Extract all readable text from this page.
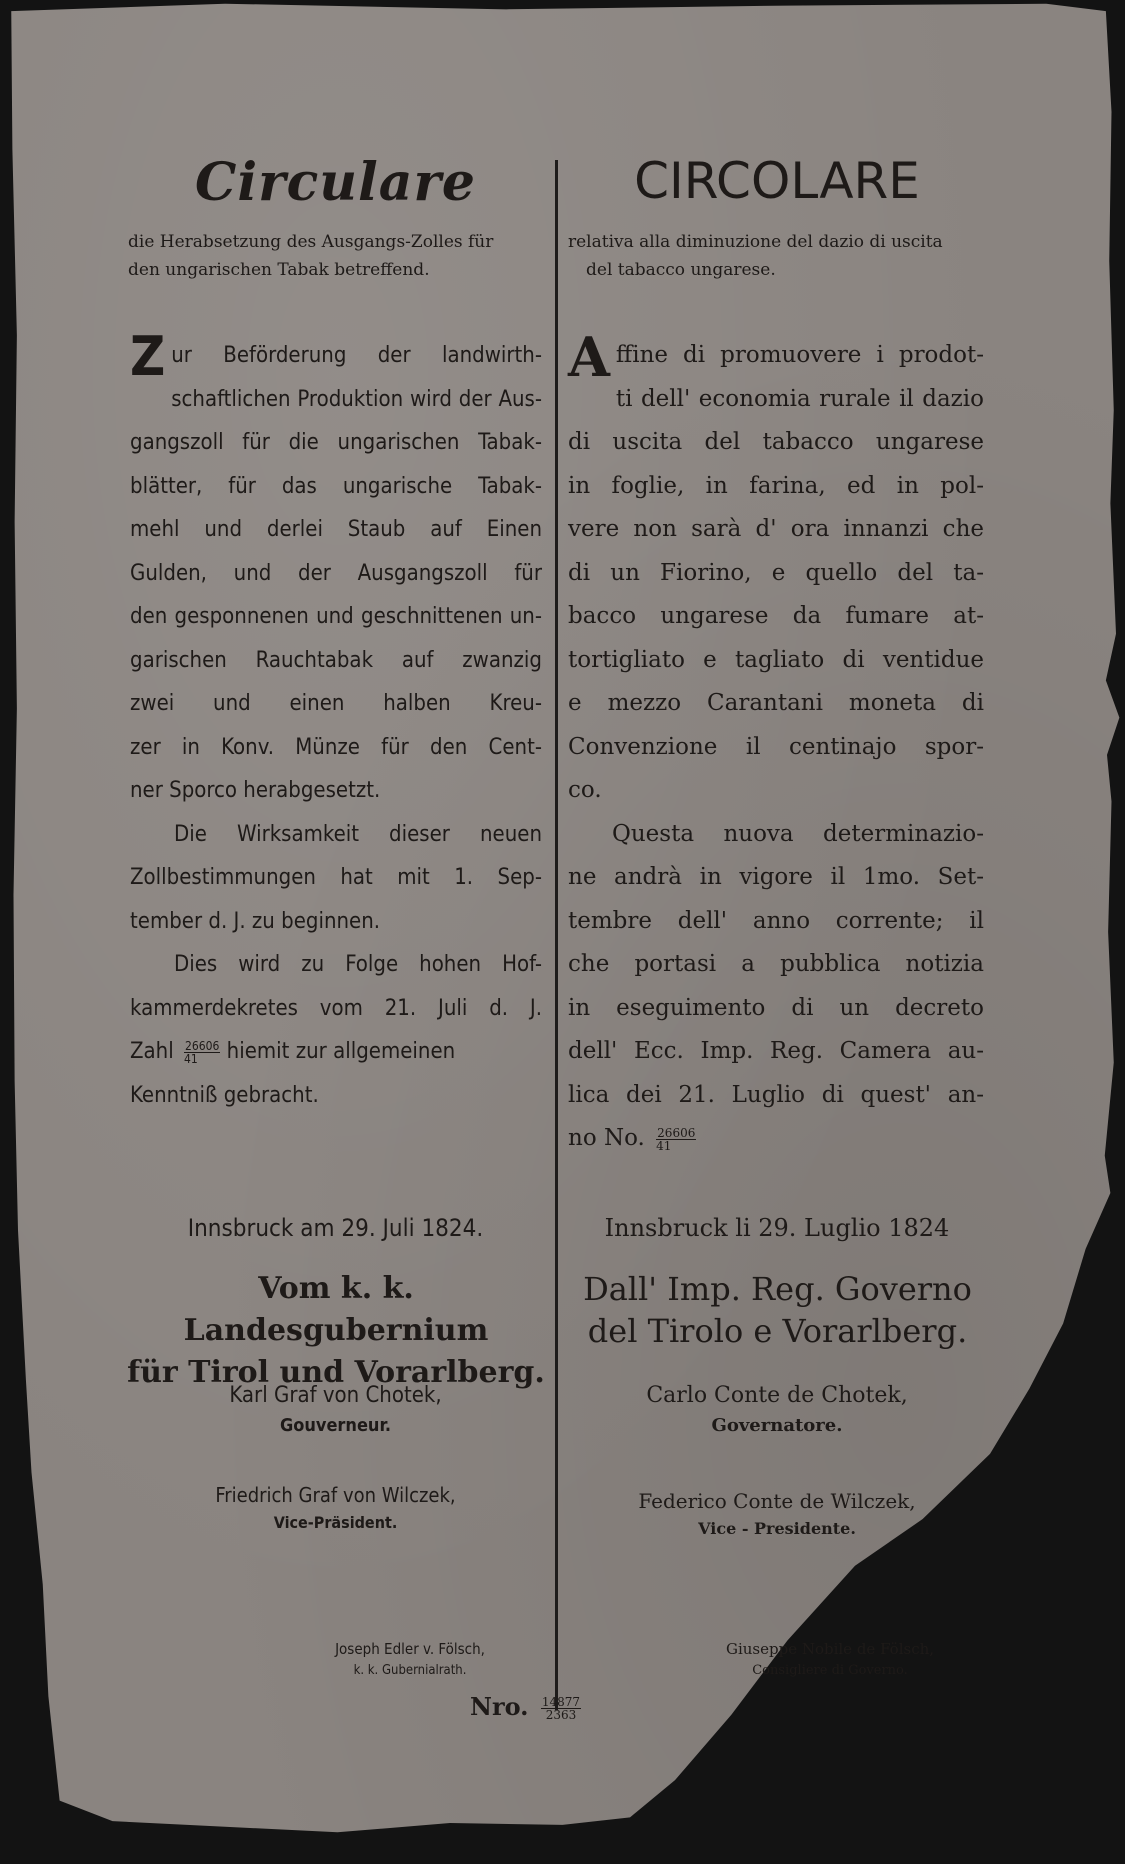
Circulare	CIRCOLARE
die Herabsetzung des Ausgangs-Zolles für
den ungarischen Tabak betreffend.
relativa alla diminuzione del dazio di uscita
del tabacco ungarese.
Z ur Beförderung der landwirth-
schaftlichen Produktion wird der Aus-
gangszoll für die ungarischen Tabak-
blätter, für das ungarische Tabak-
mehl und derlei Staub auf Einen
Gulden, und der Ausgangszoll für
den gesponnenen und geschnittenen un-
garischen Rauchtabak auf zwanzig
zwei und einen halben Kreu-
zer in Konv. Münze für den Cent-
ner Sporco herabgesetzt.
Die Wirksamkeit dieser neuen
Zollbestimmungen hat mit 1. Sep-
tember d. J. zu beginnen.
Dies wird zu Folge hohen Hof-
kammerdekretes vom 21. Juli d. J.
Zahl $\frac{26606}{41}$ hiemit zur allgemeinen
Kenntniß gebracht.
A ffine di promuovere i prodot-
ti dell' economia rurale il dazio
di uscita del tabacco ungarese
in foglie, in farina, ed in pol-
vere non sarà d' ora innanzi che
di un Fiorino, e quello del ta-
bacco ungarese da fumare at-
tortigliato e tagliato di ventidue
e mezzo Carantani moneta di
Convenzione il centinajo spor-
co.
Questa nuova determinazio-
ne andrà in vigore il 1mo. Set-
tembre dell' anno corrente; il
che portasi a pubblica notizia
in eseguimento di un decreto
dell' Ecc. Imp. Reg. Camera au-
lica dei 21. Luglio di quest' an-
no No. $\frac{26606}{41}$
Innsbruck am 29. Juli 1824.	Innsbruck li 29. Luglio 1824
Vom k. k. Landesgubernium
für Tirol und Vorarlberg.
Dall' Imp. Reg. Governo
del Tirolo e Vorarlberg.
Karl Graf von Chotek,
Gouverneur.
Carlo Conte de Chotek,
Governatore.
Friedrich Graf von Wilczek,
Vice-Präsident.
Federico Conte de Wilczek,
Vice - Presidente.
Joseph Edler v. Fölsch,
k. k. Gubernialrath.
Giuseppe Nobile de Fölsch,
Consigliere di Governo.
Nro. $\frac{14877}{2363}$
